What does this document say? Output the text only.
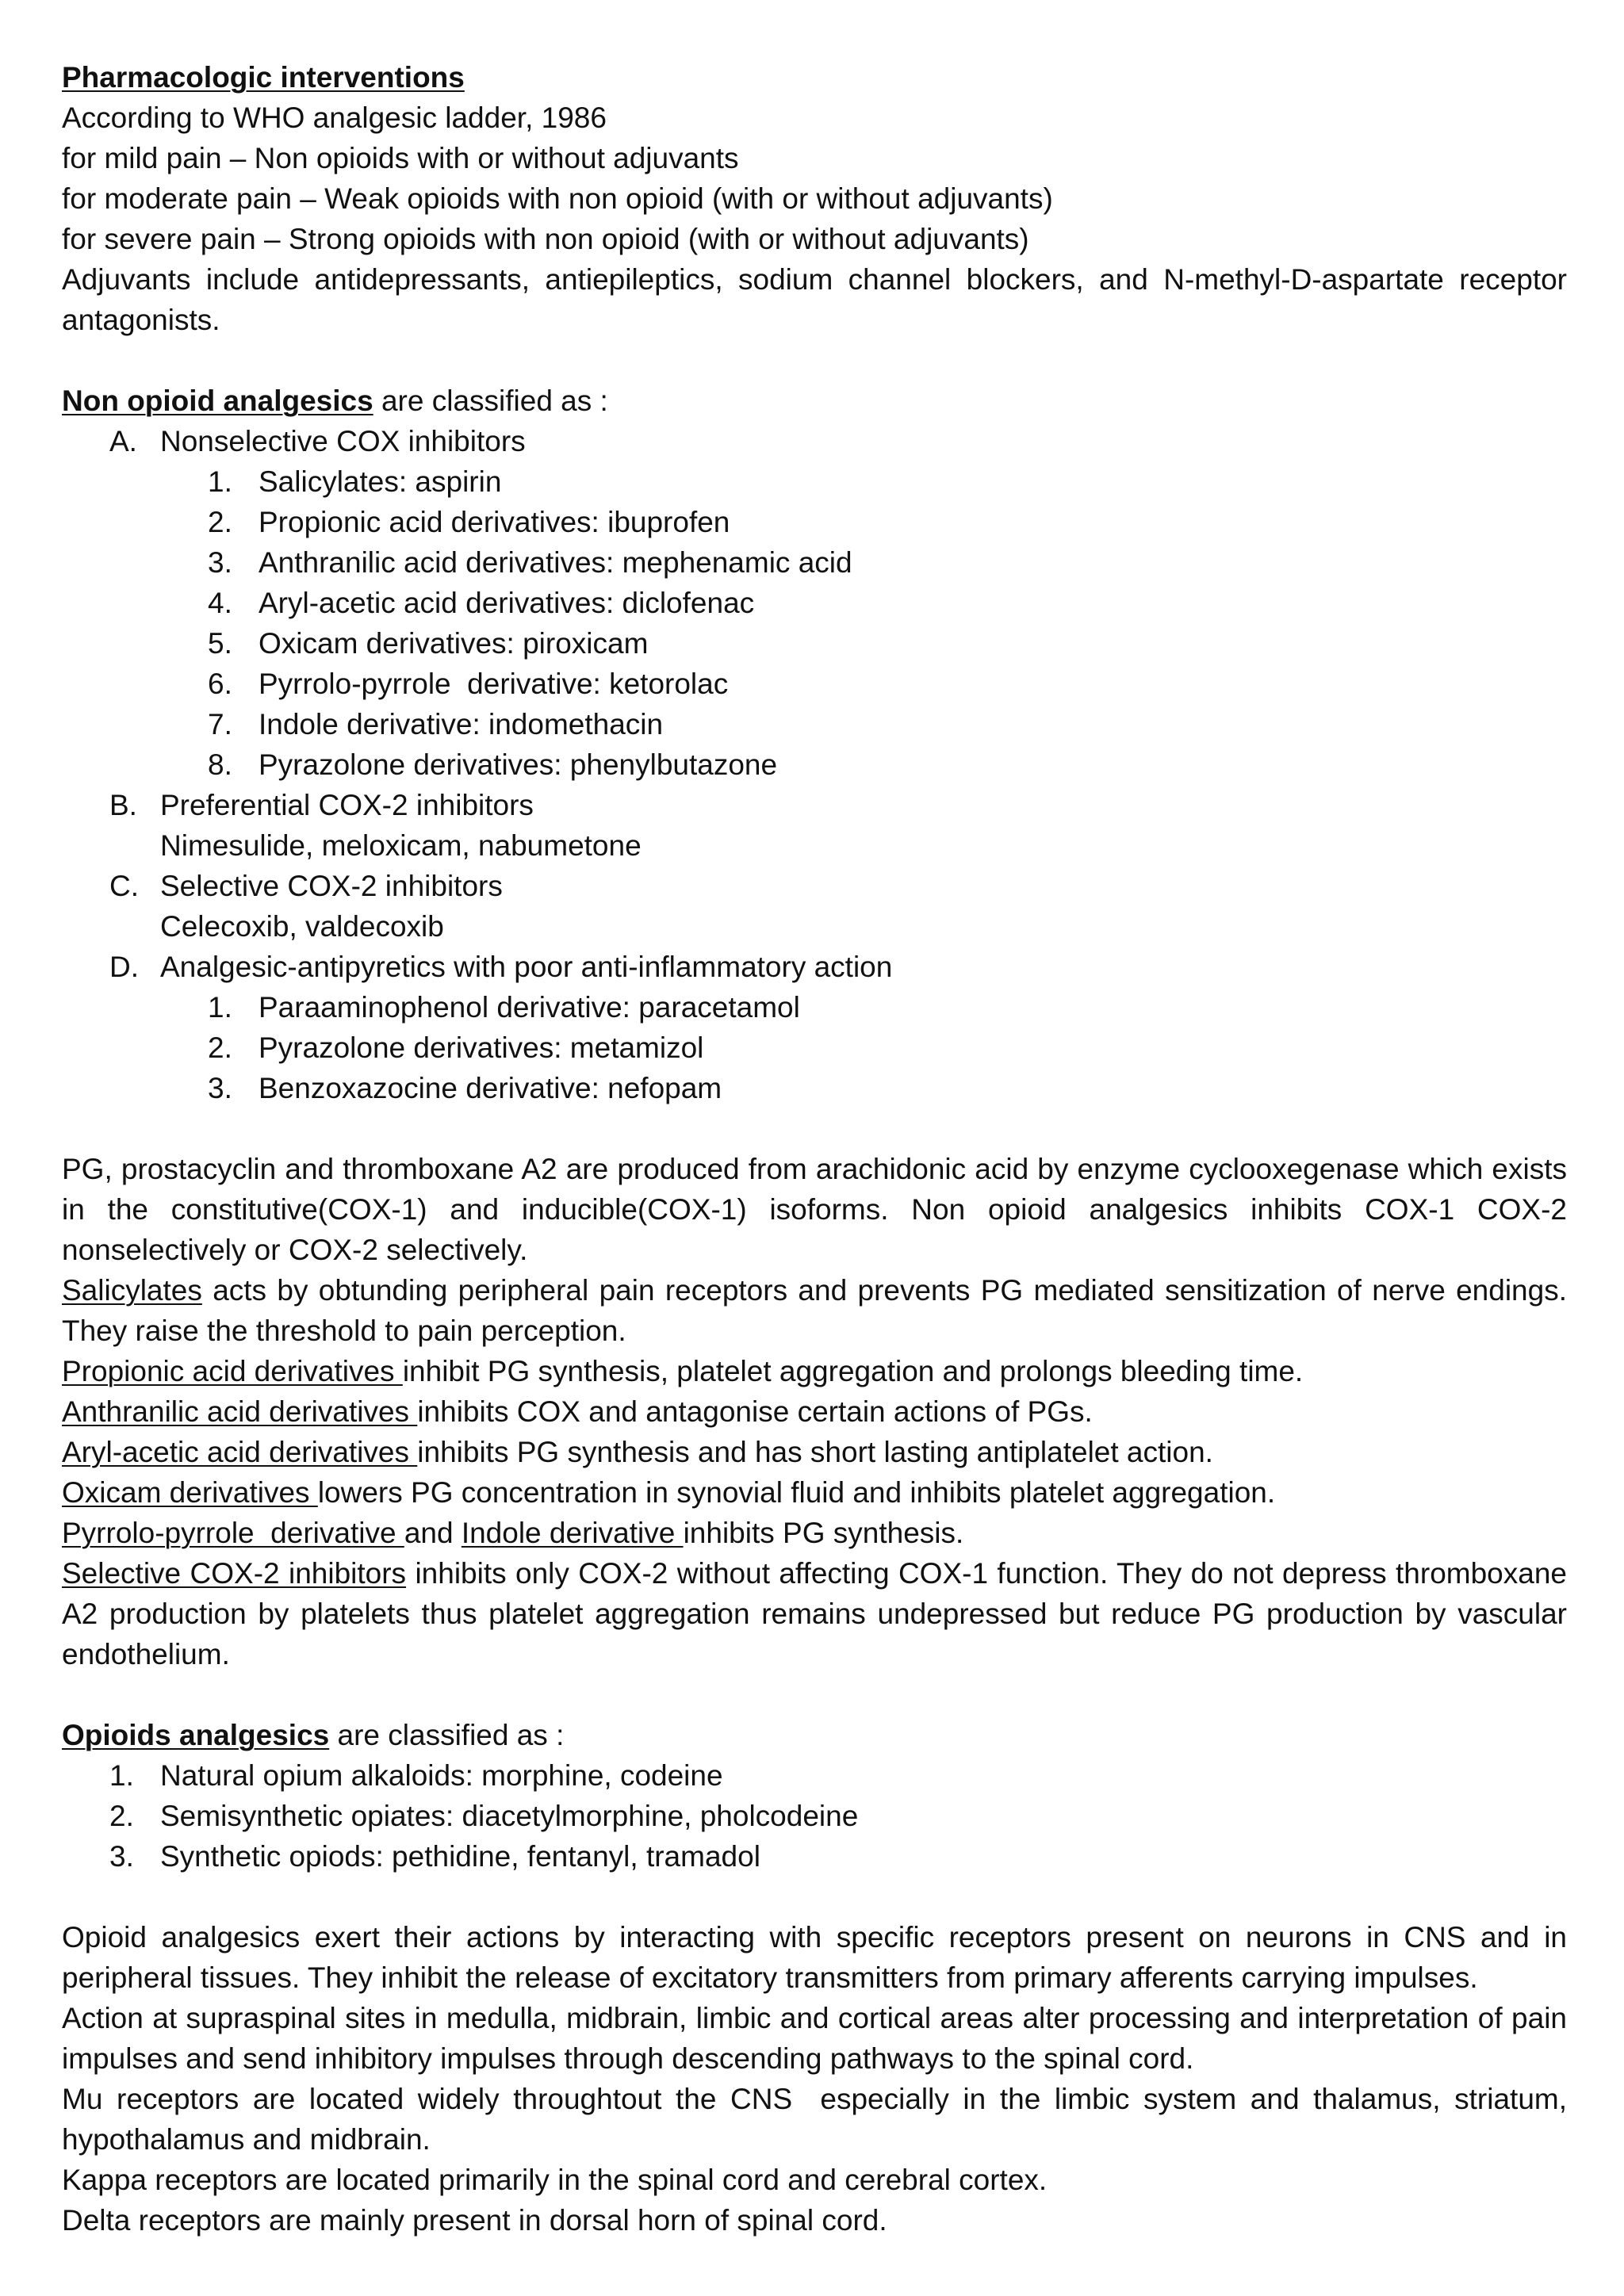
Pharmacologic interventions
According to WHO analgesic ladder, 1986
for mild pain – Non opioids with or without adjuvants
for moderate pain – Weak opioids with non opioid (with or without adjuvants)
for severe pain – Strong opioids with non opioid (with or without adjuvants)

Adjuvants include antidepressants, antiepileptics, sodium channel blockers, and N-methyl-D-aspartate receptor antagonists.

Non opioid analgesics are classified as :
A. Nonselective COX inhibitors
1. Salicylates: aspirin
2. Propionic acid derivatives: ibuprofen
3. Anthranilic acid derivatives: mephenamic acid
4. Aryl-acetic acid derivatives: diclofenac
5. Oxicam derivatives: piroxicam
6. Pyrrolo-pyrrole  derivative: ketorolac
7. Indole derivative: indomethacin
8. Pyrazolone derivatives: phenylbutazone
B. Preferential COX-2 inhibitors
Nimesulide, meloxicam, nabumetone
C. Selective COX-2 inhibitors
Celecoxib, valdecoxib
D. Analgesic-antipyretics with poor anti-inflammatory action
1. Paraaminophenol derivative: paracetamol
2. Pyrazolone derivatives: metamizol
3. Benzoxazocine derivative: nefopam

PG, prostacyclin and thromboxane A2 are produced from arachidonic acid by enzyme cyclooxegenase which exists in the constitutive(COX-1) and inducible(COX-1) isoforms. Non opioid analgesics inhibits COX-1 COX-2 nonselectively or COX-2 selectively.

Salicylates acts by obtunding peripheral pain receptors and prevents PG mediated sensitization of nerve endings. They raise the threshold to pain perception.

Propionic acid derivatives inhibit PG synthesis, platelet aggregation and prolongs bleeding time.

Anthranilic acid derivatives inhibits COX and antagonise certain actions of PGs.

Aryl-acetic acid derivatives inhibits PG synthesis and has short lasting antiplatelet action.

Oxicam derivatives lowers PG concentration in synovial fluid and inhibits platelet aggregation.

Pyrrolo-pyrrole  derivative and Indole derivative inhibits PG synthesis.

Selective COX-2 inhibitors inhibits only COX-2 without affecting COX-1 function. They do not depress thromboxane A2 production by platelets thus platelet aggregation remains undepressed but reduce PG production by vascular endothelium.

Opioids analgesics are classified as :
1. Natural opium alkaloids: morphine, codeine
2. Semisynthetic opiates: diacetylmorphine, pholcodeine
3. Synthetic opiods: pethidine, fentanyl, tramadol

Opioid analgesics exert their actions by interacting with specific receptors present on neurons in CNS and in peripheral tissues. They inhibit the release of excitatory transmitters from primary afferents carrying impulses.

Action at supraspinal sites in medulla, midbrain, limbic and cortical areas alter processing and interpretation of pain impulses and send inhibitory impulses through descending pathways to the spinal cord.

Mu receptors are located widely throughtout the CNS  especially in the limbic system and thalamus, striatum, hypothalamus and midbrain.

Kappa receptors are located primarily in the spinal cord and cerebral cortex.

Delta receptors are mainly present in dorsal horn of spinal cord.
